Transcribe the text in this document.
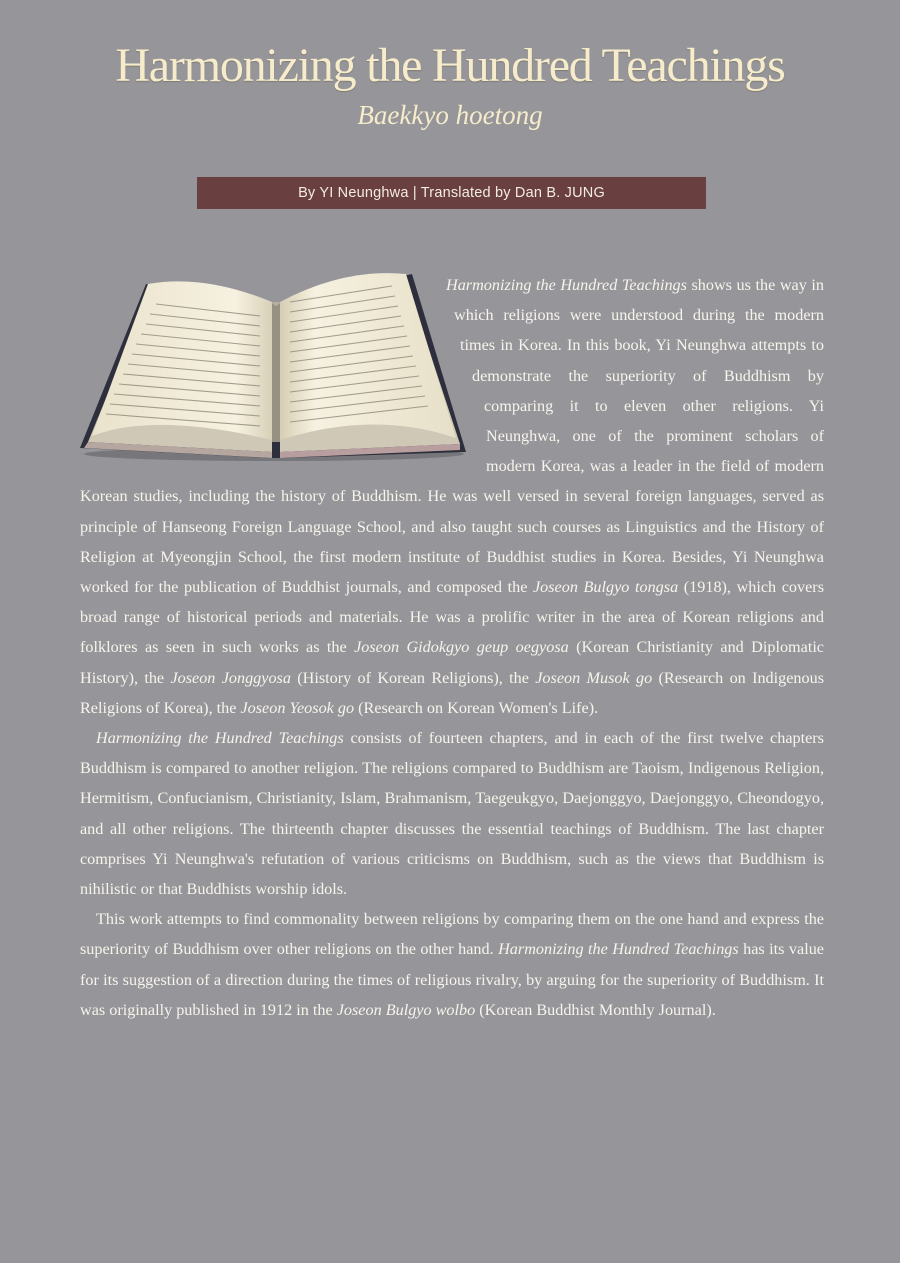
Harmonizing the Hundred Teachings
Baekkyo hoetong
By YI Neunghwa | Translated by Dan B. JUNG

Harmonizing the Hundred Teachings shows us the way in which religions were understood during the modern times in Korea. In this book, Yi Neunghwa attempts to demonstrate the superiority of Buddhism by comparing it to eleven other religions. Yi Neunghwa, one of the prominent scholars of modern Korea, was a leader in the field of modern Korean studies, including the history of Buddhism. He was well versed in several foreign languages, served as principle of Hanseong Foreign Language School, and also taught such courses as Linguistics and the History of Religion at Myeongjin School, the first modern institute of Buddhist studies in Korea. Besides, Yi Neunghwa worked for the publication of Buddhist journals, and composed the Joseon Bulgyo tongsa (1918), which covers broad range of historical periods and materials. He was a prolific writer in the area of Korean religions and folklores as seen in such works as the Joseon Gidokgyo geup oegyosa (Korean Christianity and Diplomatic History), the Joseon Jonggyosa (History of Korean Religions), the Joseon Musok go (Research on Indigenous Religions of Korea), the Joseon Yeosok go (Research on Korean Women's Life).

Harmonizing the Hundred Teachings consists of fourteen chapters, and in each of the first twelve chapters Buddhism is compared to another religion. The religions compared to Buddhism are Taoism, Indigenous Religion, Hermitism, Confucianism, Christianity, Islam, Brahmanism, Taegeukgyo, Daejonggyo, Daejonggyo, Cheondogyo, and all other religions. The thirteenth chapter discusses the essential teachings of Buddhism. The last chapter comprises Yi Neunghwa's refutation of various criticisms on Buddhism, such as the views that Buddhism is nihilistic or that Buddhists worship idols.

This work attempts to find commonality between religions by comparing them on the one hand and express the superiority of Buddhism over other religions on the other hand. Harmonizing the Hundred Teachings has its value for its suggestion of a direction during the times of religious rivalry, by arguing for the superiority of Buddhism. It was originally published in 1912 in the Joseon Bulgyo wolbo (Korean Buddhist Monthly Journal).
